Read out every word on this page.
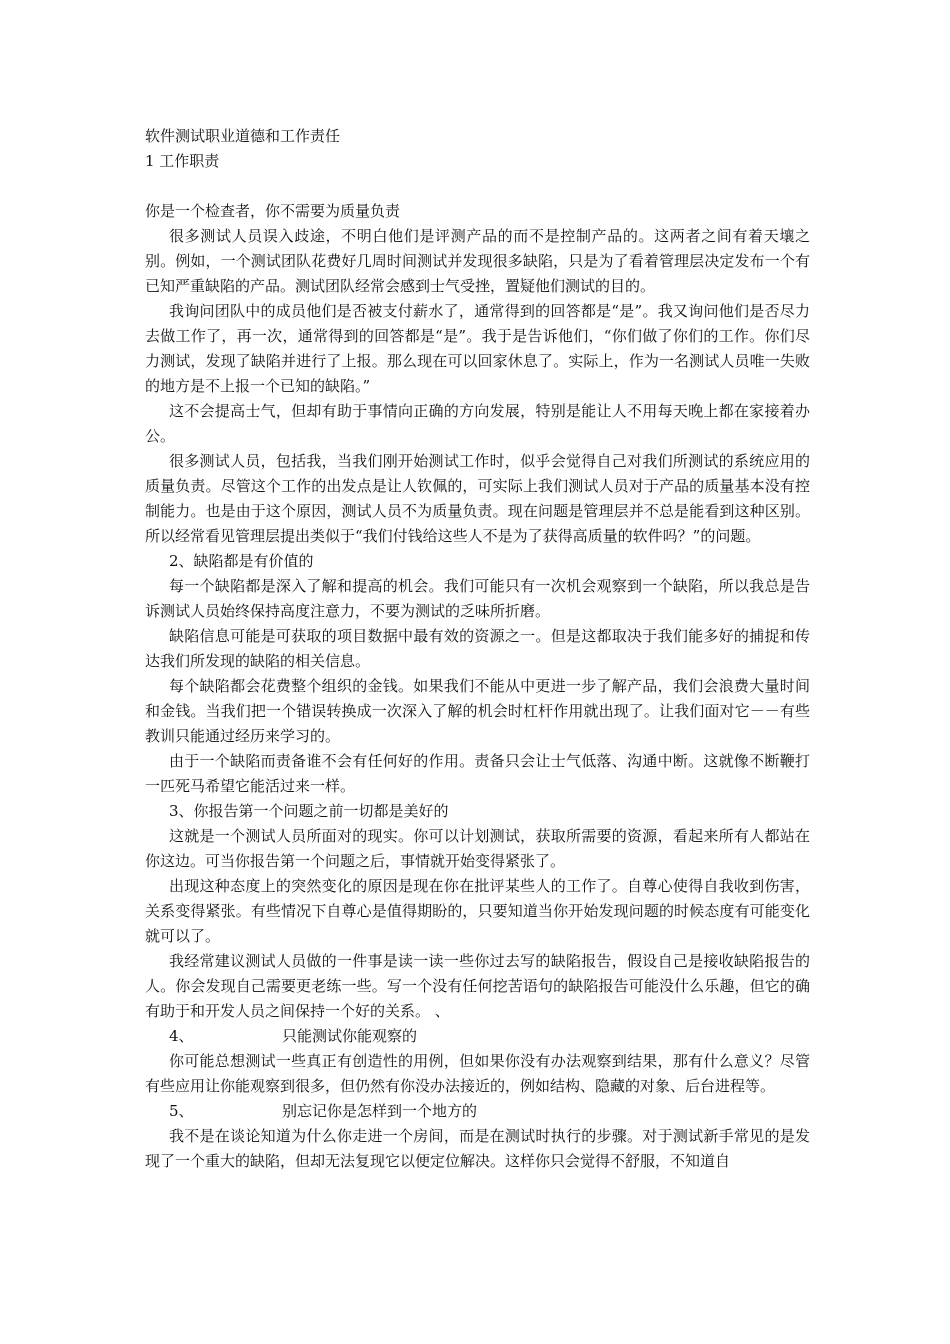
软件测试职业道德和工作责任
1 工作职责
你是一个检查者，你不需要为质量负责

很多测试人员误入歧途，不明白他们是评测产品的而不是控制产品的。这两者之间有着天壤之别。例如，一个测试团队花费好几周时间测试并发现很多缺陷，只是为了看着管理层决定发布一个有已知严重缺陷的产品。测试团队经常会感到士气受挫，置疑他们测试的目的。

我询问团队中的成员他们是否被支付薪水了，通常得到的回答都是“是”。我又询问他们是否尽力去做工作了，再一次，通常得到的回答都是“是”。我于是告诉他们，“你们做了你们的工作。你们尽力测试，发现了缺陷并进行了上报。那么现在可以回家休息了。实际上，作为一名测试人员唯一失败的地方是不上报一个已知的缺陷。”

这不会提高士气，但却有助于事情向正确的方向发展，特别是能让人不用每天晚上都在家接着办公。

很多测试人员，包括我，当我们刚开始测试工作时，似乎会觉得自己对我们所测试的系统应用的质量负责。尽管这个工作的出发点是让人钦佩的，可实际上我们测试人员对于产品的质量基本没有控制能力。也是由于这个原因，测试人员不为质量负责。现在问题是管理层并不总是能看到这种区别。所以经常看见管理层提出类似于“我们付钱给这些人不是为了获得高质量的软件吗？”的问题。

2、缺陷都是有价值的

每一个缺陷都是深入了解和提高的机会。我们可能只有一次机会观察到一个缺陷，所以我总是告诉测试人员始终保持高度注意力，不要为测试的乏味所折磨。

缺陷信息可能是可获取的项目数据中最有效的资源之一。但是这都取决于我们能多好的捕捉和传达我们所发现的缺陷的相关信息。

每个缺陷都会花费整个组织的金钱。如果我们不能从中更进一步了解产品，我们会浪费大量时间和金钱。当我们把一个错误转换成一次深入了解的机会时杠杆作用就出现了。让我们面对它－－有些教训只能通过经历来学习的。

由于一个缺陷而责备谁不会有任何好的作用。责备只会让士气低落、沟通中断。这就像不断鞭打一匹死马希望它能活过来一样。

3、你报告第一个问题之前一切都是美好的

这就是一个测试人员所面对的现实。你可以计划测试，获取所需要的资源，看起来所有人都站在你这边。可当你报告第一个问题之后，事情就开始变得紧张了。

出现这种态度上的突然变化的原因是现在你在批评某些人的工作了。自尊心使得自我收到伤害，关系变得紧张。有些情况下自尊心是值得期盼的，只要知道当你开始发现问题的时候态度有可能变化就可以了。

我经常建议测试人员做的一件事是读一读一些你过去写的缺陷报告，假设自己是接收缺陷报告的人。你会发现自己需要更老练一些。写一个没有任何挖苦语句的缺陷报告可能没什么乐趣，但它的确有助于和开发人员之间保持一个好的关系。 、

4、	只能测试你能观察的

你可能总想测试一些真正有创造性的用例，但如果你没有办法观察到结果，那有什么意义？尽管有些应用让你能观察到很多，但仍然有你没办法接近的，例如结构、隐藏的对象、后台进程等。

5、	别忘记你是怎样到一个地方的

我不是在谈论知道为什么你走进一个房间，而是在测试时执行的步骤。对于测试新手常见的是发现了一个重大的缺陷，但却无法复现它以便定位解决。这样你只会觉得不舒服，不知道自
